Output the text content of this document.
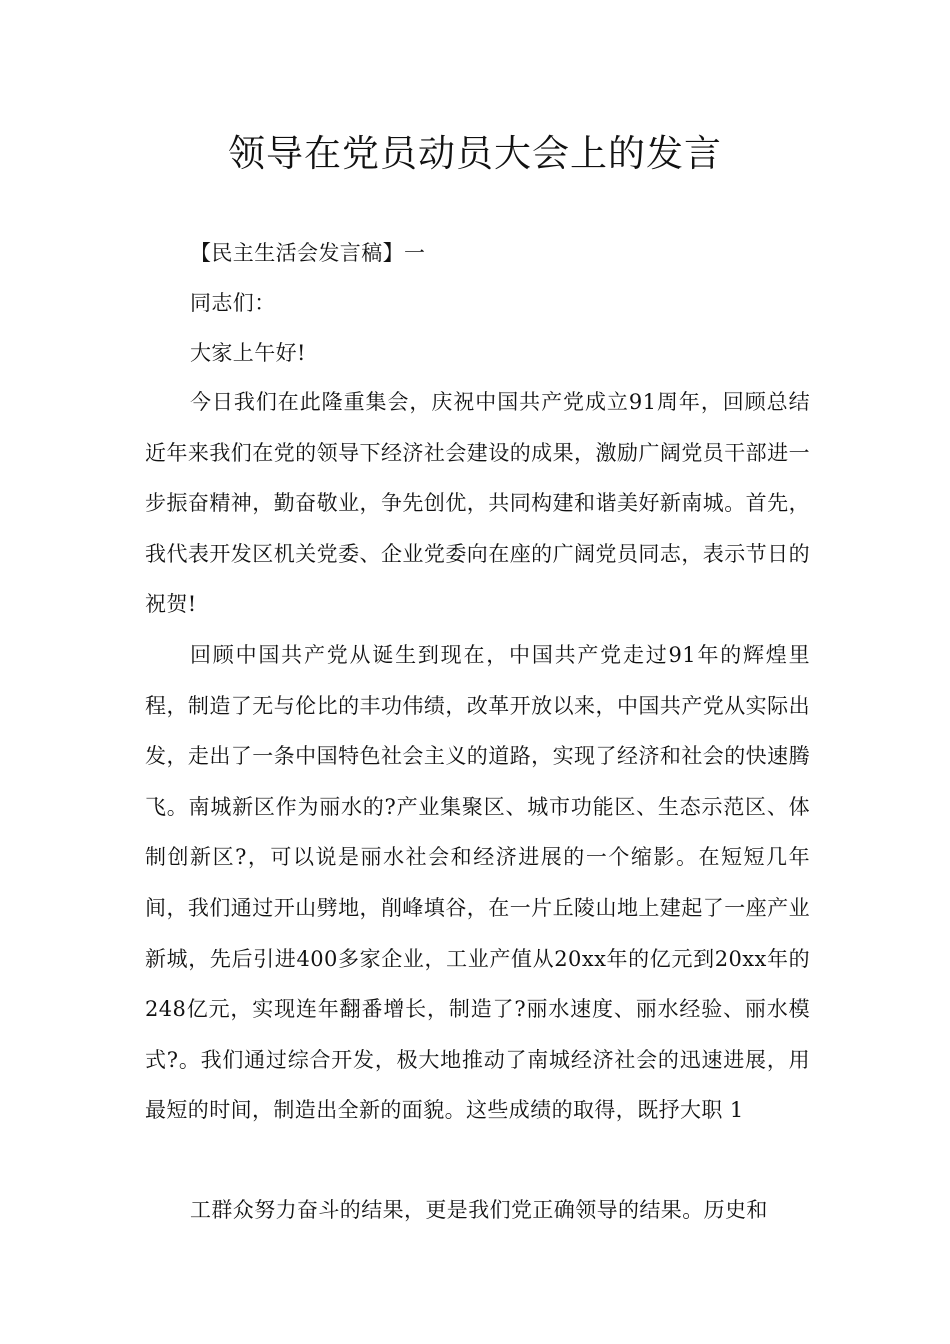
领导在党员动员大会上的发言

【民主生活会发言稿】一

同志们：

大家上午好!

今日我们在此隆重集会，庆祝中国共产党成立91周年，回顾总结近年来我们在党的领导下经济社会建设的成果，激励广阔党员干部进一步振奋精神，勤奋敬业，争先创优，共同构建和谐美好新南城。首先，我代表开发区机关党委、企业党委向在座的广阔党员同志，表示节日的祝贺!

回顾中国共产党从诞生到现在，中国共产党走过91年的辉煌里程，制造了无与伦比的丰功伟绩，改革开放以来，中国共产党从实际出发，走出了一条中国特色社会主义的道路，实现了经济和社会的快速腾飞。南城新区作为丽水的?产业集聚区、城市功能区、生态示范区、体制创新区?，可以说是丽水社会和经济进展的一个缩影。在短短几年间，我们通过开山劈地，削峰填谷，在一片丘陵山地上建起了一座产业新城，先后引进400多家企业，工业产值从20xx年的亿元到20xx年的248亿元，实现连年翻番增长，制造了?丽水速度、丽水经验、丽水模式?。我们通过综合开发，极大地推动了南城经济社会的迅速进展，用最短的时间，制造出全新的面貌。这些成绩的取得，既抒大职 1

工群众努力奋斗的结果，更是我们党正确领导的结果。历史和
